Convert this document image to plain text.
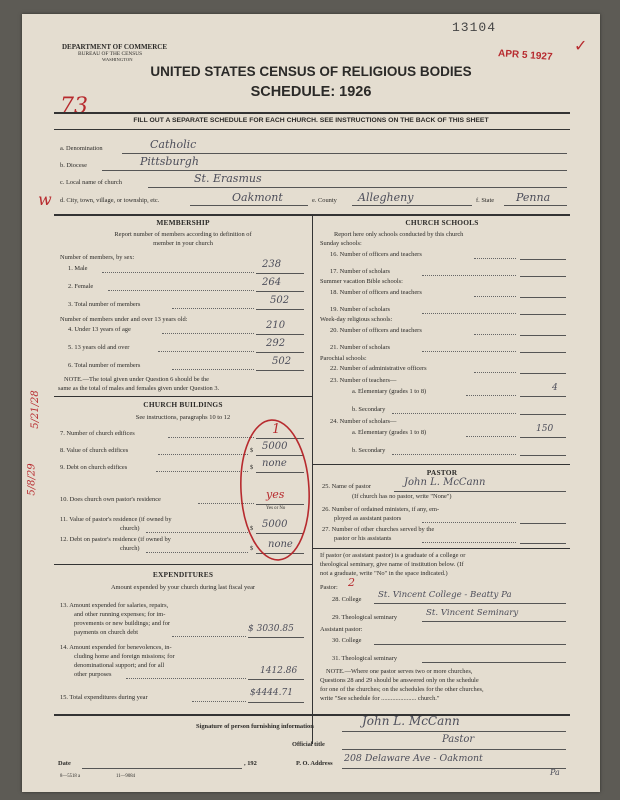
13104
APR 5 1927
✓
DEPARTMENT OF COMMERCE
BUREAU OF THE CENSUS
WASHINGTON
UNITED STATES CENSUS OF RELIGIOUS BODIES
SCHEDULE: 1926
73
FILL OUT A SEPARATE SCHEDULE FOR EACH CHURCH. SEE INSTRUCTIONS ON THE BACK OF THIS SHEET
a. Denomination	Catholic
b. Diocese	Pittsburgh
c. Local name of church	St. Erasmus
d. City, town, village, or township, etc.	Oakmont	e. County Allegheny	f. State Penna
w
5/21/28
5/8/29
MEMBERSHIP
Report number of members according to definition of
member in your church
Number of members, by sex:
1. Male	238
2. Female	264
3. Total number of members	502
Number of members under and over 13 years old:
4. Under 13 years of age	210
5. 13 years old and over	292
6. Total number of members	502
NOTE.—The total given under Question 6 should be the
same as the total of males and females given under Question 3.
CHURCH BUILDINGS
See instructions, paragraphs 10 to 12
7. Number of church edifices	1
8. Value of church edifices	$ 5000
9. Debt on church edifices	$ none
10. Does church own pastor's residence	yes
Yes or No
11. Value of pastor's residence (if owned by
church)	$ 5000
12. Debt on pastor's residence (if owned by
church)	$ none
EXPENDITURES
Amount expended by your church during last fiscal year
13. Amount expended for salaries, repairs,
and other running expenses; for im-
provements or new buildings; and for
payments on church debt	$ 3030.85
14. Amount expended for benevolences, in-
cluding home and foreign missions; for
denominational support; and for all
other purposes	1412.86
15. Total expenditures during year	$4444.71
CHURCH SCHOOLS
Report here only schools conducted by this church
Sunday schools:
16. Number of officers and teachers
17. Number of scholars
Summer vacation Bible schools:
18. Number of officers and teachers
19. Number of scholars
Week-day religious schools:
20. Number of officers and teachers
21. Number of scholars
Parochial schools:
22. Number of administrative officers
23. Number of teachers—
a. Elementary (grades 1 to 8)	4
b. Secondary
24. Number of scholars—
a. Elementary (grades 1 to 8)	150
b. Secondary
PASTOR
25. Name of pastor	John L. McCann
(If church has no pastor, write "None")
26. Number of ordained ministers, if any, em-
ployed as assistant pastors
27. Number of other churches served by the
pastor or his assistants
If pastor (or assistant pastor) is a graduate of a college or
theological seminary, give name of institution below. (If
not a graduate, write "No" in the space indicated.)
Pastor: 2
28. College St. Vincent College - Beatty Pa
29. Theological seminary	St. Vincent Seminary
Assistant pastor:
30. College
31. Theological seminary
NOTE.—Where one pastor serves two or more churches,
Questions 28 and 29 should be answered only on the schedule
for one of the churches; on the schedules for the other churches,
write "See schedule for ...................... church."
Signature of person furnishing information	John L. McCann
Official title	Pastor
Date	, 192	P. O. Address 208 Delaware Ave - Oakmont
Pa
8—5518 a	11—9084
